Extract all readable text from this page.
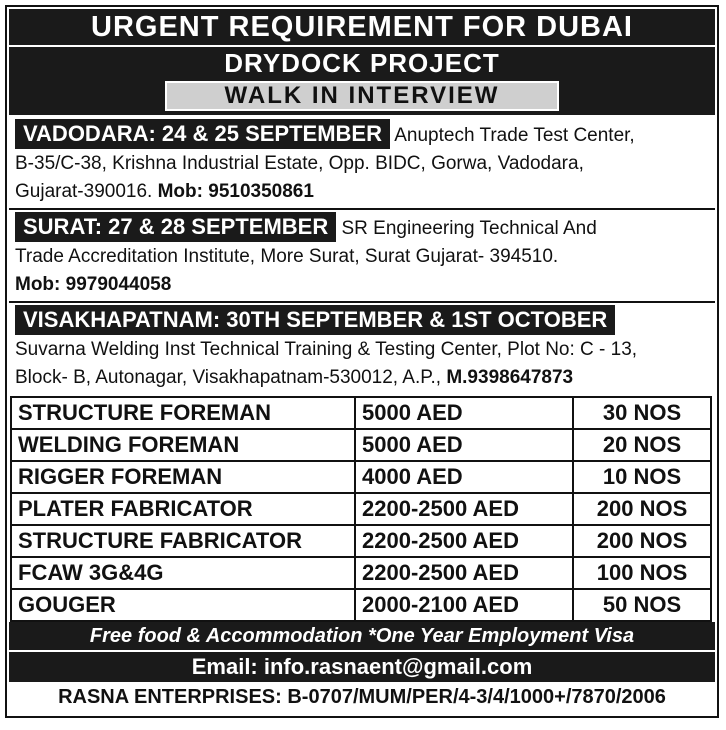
URGENT REQUIREMENT FOR DUBAI
DRYDOCK PROJECT
WALK IN INTERVIEW
VADODARA: 24 & 25 SEPTEMBER Anuptech Trade Test Center,
B-35/C-38, Krishna Industrial Estate, Opp. BIDC, Gorwa, Vadodara,
Gujarat-390016. Mob: 9510350861
SURAT: 27 & 28 SEPTEMBER SR Engineering Technical And
Trade Accreditation Institute, More Surat, Surat Gujarat- 394510.
Mob: 9979044058
VISAKHAPATNAM: 30TH SEPTEMBER & 1ST OCTOBER
Suvarna Welding Inst Technical Training & Testing Center, Plot No: C - 13,
Block- B, Autonagar, Visakhapatnam-530012, A.P., M.9398647873
STRUCTURE FOREMAN	5000 AED	30 NOS
WELDING FOREMAN	5000 AED	20 NOS
RIGGER FOREMAN	4000 AED	10 NOS
PLATER FABRICATOR	2200-2500 AED	200 NOS
STRUCTURE FABRICATOR	2200-2500 AED	200 NOS
FCAW 3G&4G	2200-2500 AED	100 NOS
GOUGER	2000-2100 AED	50 NOS
Free food & Accommodation *One Year Employment Visa
Email: info.rasnaent@gmail.com
RASNA ENTERPRISES: B-0707/MUM/PER/4-3/4/1000+/7870/2006
